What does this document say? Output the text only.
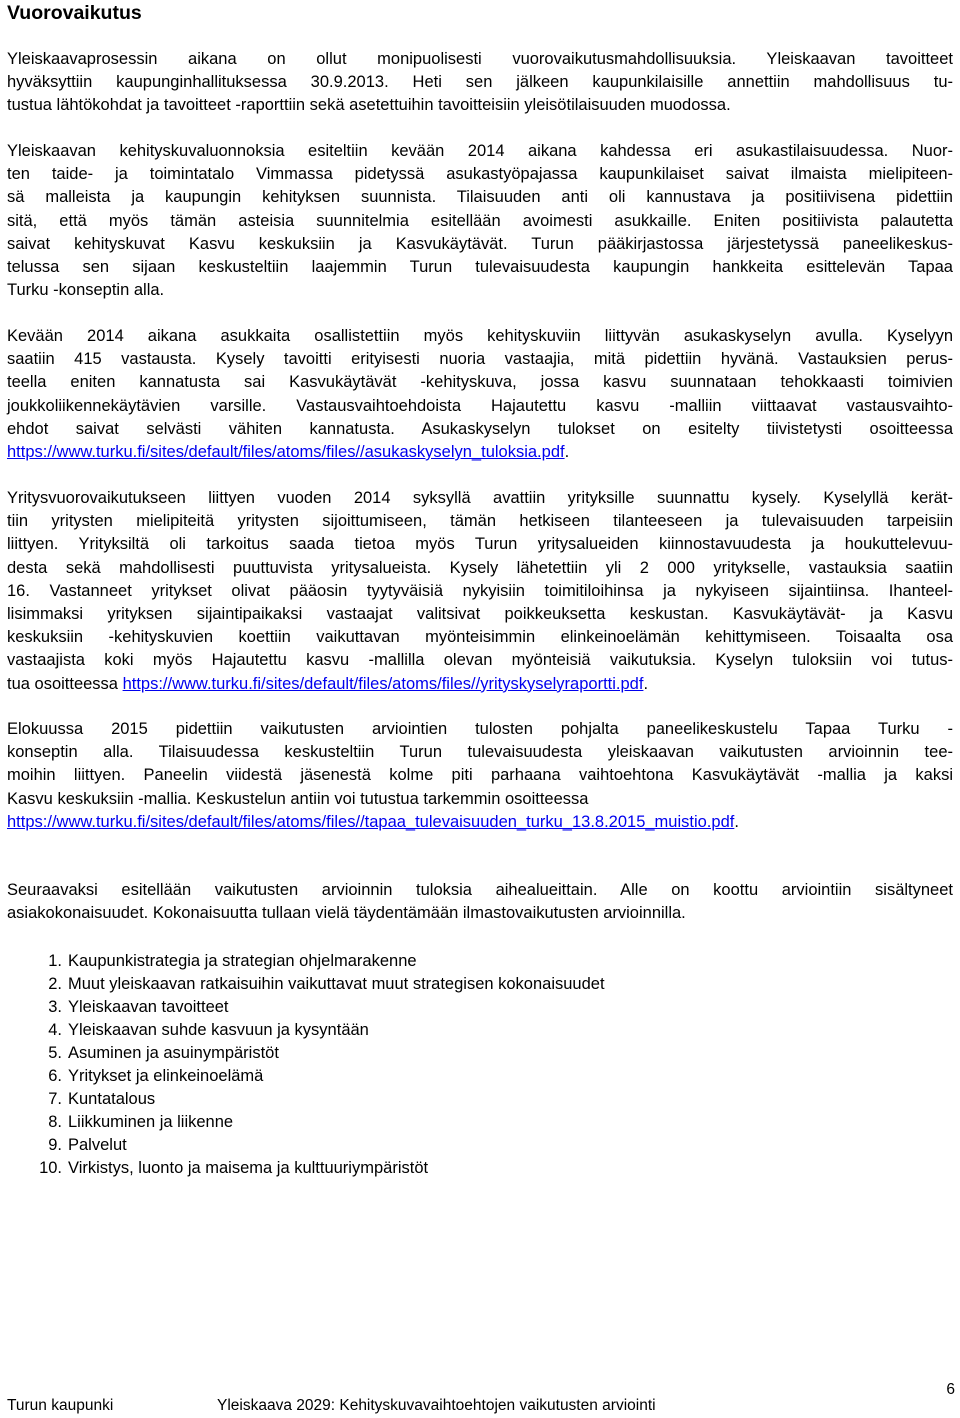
Vuorovaikutus

Yleiskaavaprosessin aikana on ollut monipuolisesti vuorovaikutusmahdollisuuksia. Yleiskaavan tavoitteet
hyväksyttiin kaupunginhallituksessa 30.9.2013. Heti sen jälkeen kaupunkilaisille annettiin mahdollisuus tu-
tustua lähtökohdat ja tavoitteet -raporttiin sekä asetettuihin tavoitteisiin yleisötilaisuuden muodossa.

Yleiskaavan kehityskuvaluonnoksia esiteltiin kevään 2014 aikana kahdessa eri asukastilaisuudessa. Nuor-
ten taide- ja toimintatalo Vimmassa pidetyssä asukastyöpajassa kaupunkilaiset saivat ilmaista mielipiteen-
sä malleista ja kaupungin kehityksen suunnista. Tilaisuuden anti oli kannustava ja positiivisena pidettiin
sitä, että myös tämän asteisia suunnitelmia esitellään avoimesti asukkaille. Eniten positiivista palautetta
saivat kehityskuvat Kasvu keskuksiin ja Kasvukäytävät. Turun pääkirjastossa järjestetyssä paneelikeskus-
telussa sen sijaan keskusteltiin laajemmin Turun tulevaisuudesta kaupungin hankkeita esittelevän Tapaa
Turku -konseptin alla.

Kevään 2014 aikana asukkaita osallistettiin myös kehityskuviin liittyvän asukaskyselyn avulla. Kyselyyn
saatiin 415 vastausta. Kysely tavoitti erityisesti nuoria vastaajia, mitä pidettiin hyvänä. Vastauksien perus-
teella eniten kannatusta sai Kasvukäytävät -kehityskuva, jossa kasvu suunnataan tehokkaasti toimivien
joukkoliikennekäytävien varsille. Vastausvaihtoehdoista Hajautettu kasvu -malliin viittaavat vastausvaihto-
ehdot saivat selvästi vähiten kannatusta. Asukaskyselyn tulokset on esitelty tiivistetysti osoitteessa
https://www.turku.fi/sites/default/files/atoms/files//asukaskyselyn_tuloksia.pdf.

Yritysvuorovaikutukseen liittyen vuoden 2014 syksyllä avattiin yrityksille suunnattu kysely. Kyselyllä kerät-
tiin yritysten mielipiteitä yritysten sijoittumiseen, tämän hetkiseen tilanteeseen ja tulevaisuuden tarpeisiin
liittyen. Yrityksiltä oli tarkoitus saada tietoa myös Turun yritysalueiden kiinnostavuudesta ja houkuttelevuu-
desta sekä mahdollisesti puuttuvista yritysalueista. Kysely lähetettiin yli 2 000 yritykselle, vastauksia saatiin
16. Vastanneet yritykset olivat pääosin tyytyväisiä nykyisiin toimitiloihinsa ja nykyiseen sijaintiinsa. Ihanteel-
lisimmaksi yrityksen sijaintipaikaksi vastaajat valitsivat poikkeuksetta keskustan. Kasvukäytävät- ja Kasvu
keskuksiin -kehityskuvien koettiin vaikuttavan myönteisimmin elinkeinoelämän kehittymiseen. Toisaalta osa
vastaajista koki myös Hajautettu kasvu -mallilla olevan myönteisiä vaikutuksia. Kyselyn tuloksiin voi tutus-
tua osoitteessa https://www.turku.fi/sites/default/files/atoms/files//yrityskyselyraportti.pdf.

Elokuussa 2015 pidettiin vaikutusten arviointien tulosten pohjalta paneelikeskustelu Tapaa Turku -
konseptin alla. Tilaisuudessa keskusteltiin Turun tulevaisuudesta yleiskaavan vaikutusten arvioinnin tee-
moihin liittyen. Paneelin viidestä jäsenestä kolme piti parhaana vaihtoehtona Kasvukäytävät -mallia ja kaksi
Kasvu keskuksiin -mallia. Keskustelun antiin voi tutustua tarkemmin osoitteessa
https://www.turku.fi/sites/default/files/atoms/files//tapaa_tulevaisuuden_turku_13.8.2015_muistio.pdf.

Seuraavaksi esitellään vaikutusten arvioinnin tuloksia aihealueittain. Alle on koottu arviointiin sisältyneet
asiakokonaisuudet. Kokonaisuutta tullaan vielä täydentämään ilmastovaikutusten arvioinnilla.

1. Kaupunkistrategia ja strategian ohjelmarakenne
2. Muut yleiskaavan ratkaisuihin vaikuttavat muut strategisen kokonaisuudet
3. Yleiskaavan tavoitteet
4. Yleiskaavan suhde kasvuun ja kysyntään
5. Asuminen ja asuinympäristöt
6. Yritykset ja elinkeinoelämä
7. Kuntatalous
8. Liikkuminen ja liikenne
9. Palvelut
10. Virkistys, luonto ja maisema ja kulttuuriympäristöt
6
Turun kaupunki	Yleiskaava 2029: Kehityskuvavaihtoehtojen vaikutusten arviointi
